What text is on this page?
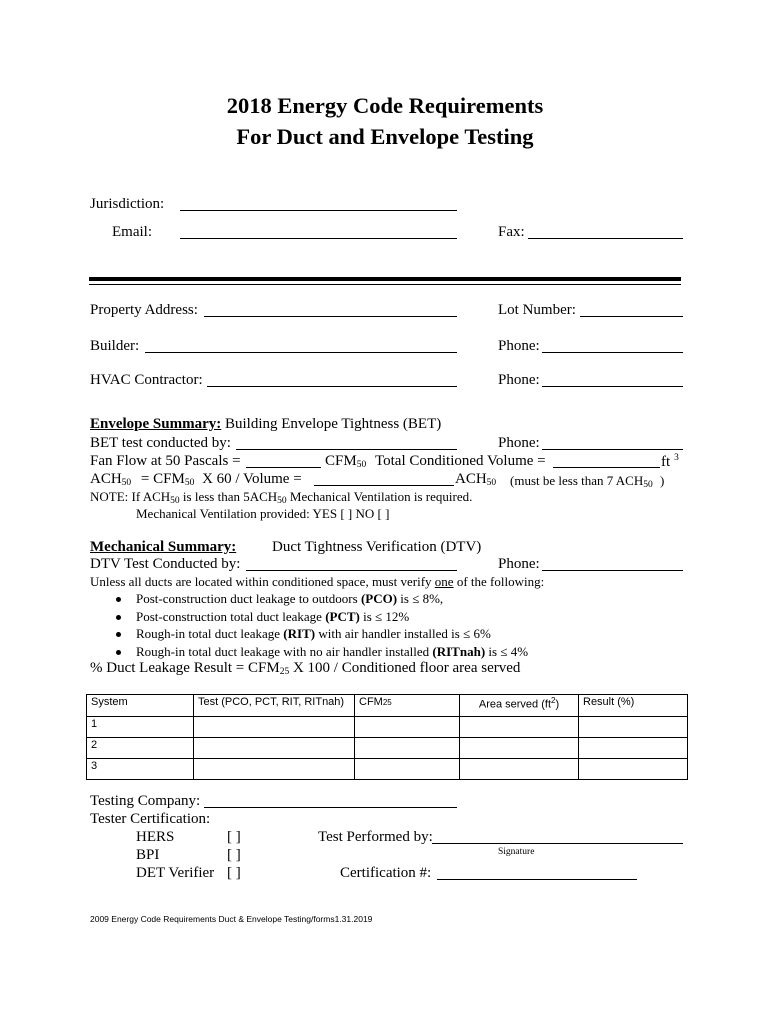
2018 Energy Code Requirements
For Duct and Envelope Testing
Jurisdiction:
Email:	Fax:
Property Address:	Lot Number:
Builder:	Phone:
HVAC Contractor:	Phone:
Envelope Summary: Building Envelope Tightness (BET)
BET test conducted by:	Phone:
Fan Flow at 50 Pascals =	$CFM_{50}$ Total Conditioned Volume =	ft $^3$
$ACH_{50} = CFM_{50}$ X 60 / Volume =	$ACH_{50}$ (must be less than 7 $ACH_{50}$ )
NOTE: If $ACH_{50}$ is less than $5ACH_{50}$ Mechanical Ventilation is required.
Mechanical Ventilation provided: YES [ ] NO [ ]
Mechanical Summary: Duct Tightness Verification (DTV)
DTV Test Conducted by:	Phone:
Unless all ducts are located within conditioned space, must verify one of the following:
Post-construction duct leakage to outdoors (PCO) is ≤ 8%,
Post-construction total duct leakage (PCT) is ≤ 12%
Rough-in total duct leakage (RIT) with air handler installed is ≤ 6%
Rough-in total duct leakage with no air handler installed (RITnah) is ≤ 4%
% Duct Leakage Result = $CFM_{25}$ X 100 / Conditioned floor area served
System	Test (PCO, PCT, RIT, RITnah)	CFM25	Area served $(ft^2)$	Result (%)
1				
2				
3				
Testing Company:
Tester Certification:
HERS	[ ]	Test Performed by:
BPI	[ ]	Signature
DET Verifier [ ]	Certification #:
2009 Energy Code Requirements Duct & Envelope Testing/forms1.31.2019
